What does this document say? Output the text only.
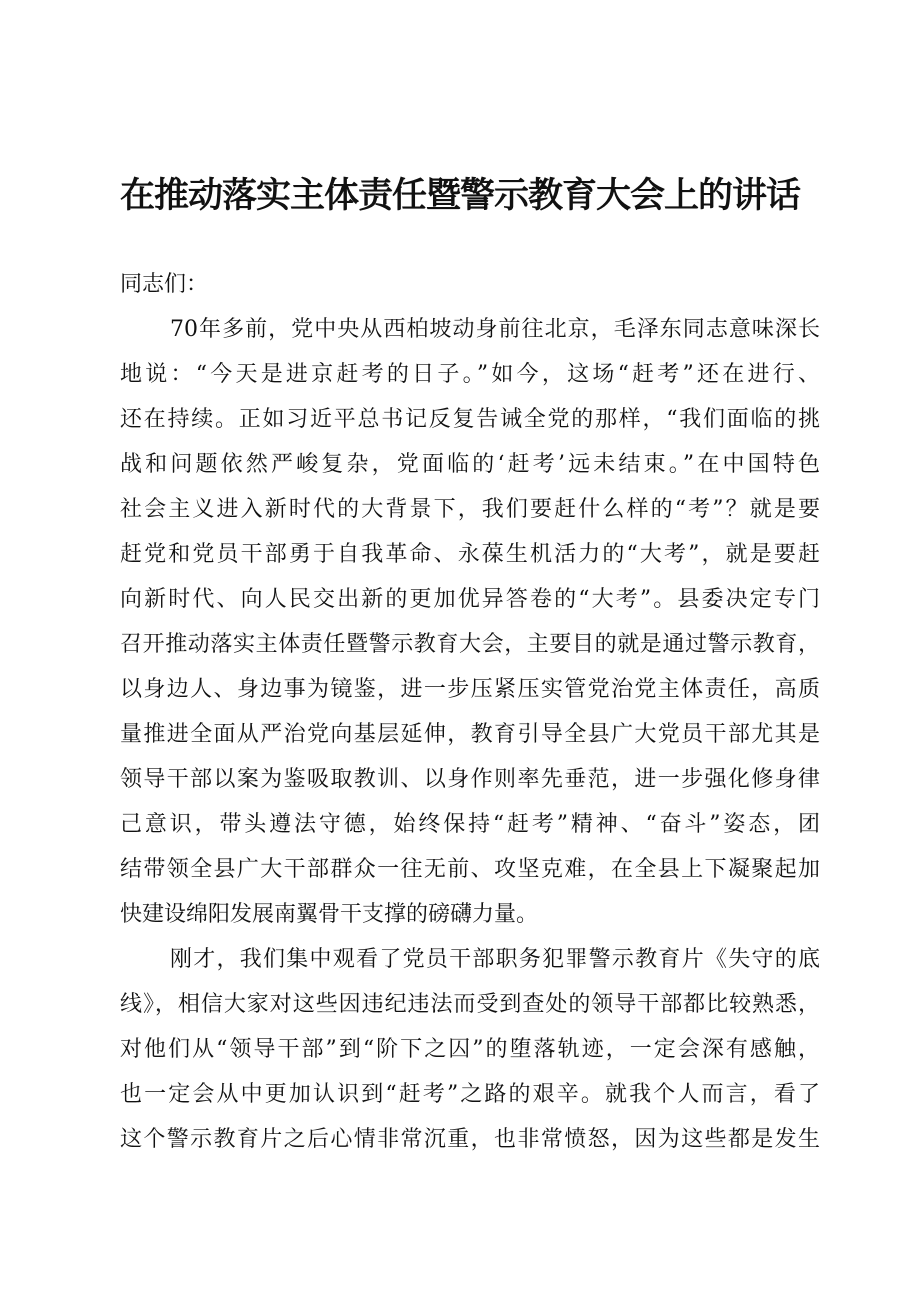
在推动落实主体责任暨警示教育大会上的讲话

同志们：

70年多前，党中央从西柏坡动身前往北京，毛泽东同志意味深长
地说：“今天是进京赶考的日子。”如今，这场“赶考”还在进行、
还在持续。正如习近平总书记反复告诫全党的那样，“我们面临的挑
战和问题依然严峻复杂，党面临的‘赶考’远未结束。”在中国特色
社会主义进入新时代的大背景下，我们要赶什么样的“考”？就是要
赶党和党员干部勇于自我革命、永葆生机活力的“大考”，就是要赶
向新时代、向人民交出新的更加优异答卷的“大考”。县委决定专门
召开推动落实主体责任暨警示教育大会，主要目的就是通过警示教育，
以身边人、身边事为镜鉴，进一步压紧压实管党治党主体责任，高质
量推进全面从严治党向基层延伸，教育引导全县广大党员干部尤其是
领导干部以案为鉴吸取教训、以身作则率先垂范，进一步强化修身律
己意识，带头遵法守德，始终保持“赶考”精神、“奋斗”姿态，团
结带领全县广大干部群众一往无前、攻坚克难，在全县上下凝聚起加
快建设绵阳发展南翼骨干支撑的磅礴力量。
刚才，我们集中观看了党员干部职务犯罪警示教育片《失守的底
线》，相信大家对这些因违纪违法而受到查处的领导干部都比较熟悉，
对他们从“领导干部”到“阶下之囚”的堕落轨迹，一定会深有感触，
也一定会从中更加认识到“赶考”之路的艰辛。就我个人而言，看了
这个警示教育片之后心情非常沉重，也非常愤怒，因为这些都是发生
